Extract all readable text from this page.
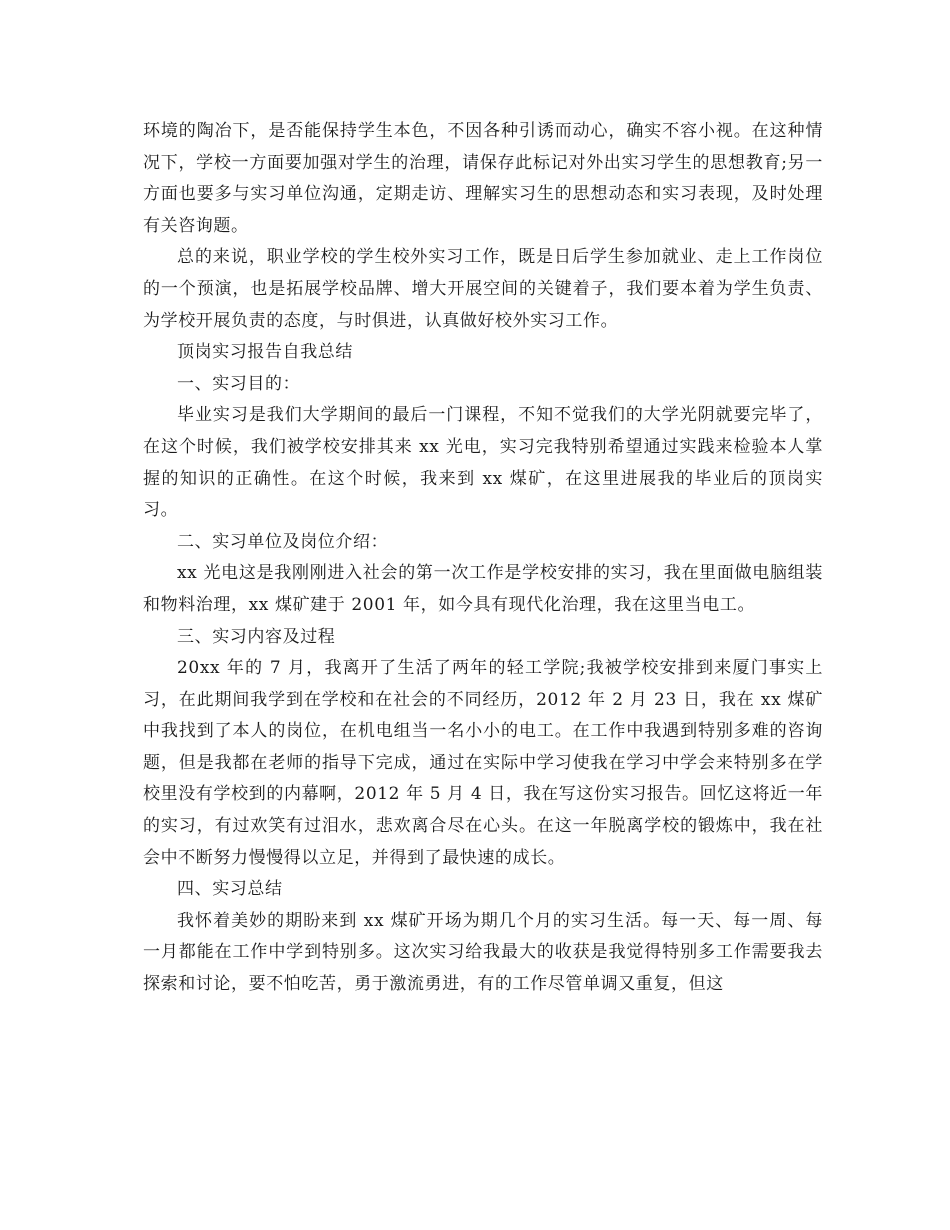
环境的陶冶下，是否能保持学生本色，不因各种引诱而动心，确实不容小视。在这种情况下，学校一方面要加强对学生的治理，请保存此标记对外出实习学生的思想教育;另一方面也要多与实习单位沟通，定期走访、理解实习生的思想动态和实习表现，及时处理有关咨询题。

总的来说，职业学校的学生校外实习工作，既是日后学生参加就业、走上工作岗位的一个预演，也是拓展学校品牌、增大开展空间的关键着子，我们要本着为学生负责、为学校开展负责的态度，与时俱进，认真做好校外实习工作。

顶岗实习报告自我总结

一、实习目的：

毕业实习是我们大学期间的最后一门课程，不知不觉我们的大学光阴就要完毕了，在这个时候，我们被学校安排其来 xx 光电，实习完我特别希望通过实践来检验本人掌握的知识的正确性。在这个时候，我来到 xx 煤矿，在这里进展我的毕业后的顶岗实习。

二、实习单位及岗位介绍：

xx 光电这是我刚刚进入社会的第一次工作是学校安排的实习，我在里面做电脑组装和物料治理，xx 煤矿建于 2001 年，如今具有现代化治理，我在这里当电工。

三、实习内容及过程

20xx 年的 7 月，我离开了生活了两年的轻工学院;我被学校安排到来厦门事实上习，在此期间我学到在学校和在社会的不同经历，2012 年 2 月 23 日，我在 xx 煤矿中我找到了本人的岗位，在机电组当一名小小的电工。在工作中我遇到特别多难的咨询题，但是我都在老师的指导下完成，通过在实际中学习使我在学习中学会来特别多在学校里没有学校到的内幕啊，2012 年 5 月 4 日，我在写这份实习报告。回忆这将近一年的实习，有过欢笑有过泪水，悲欢离合尽在心头。在这一年脱离学校的锻炼中，我在社会中不断努力慢慢得以立足，并得到了最快速的成长。

四、实习总结

我怀着美妙的期盼来到 xx 煤矿开场为期几个月的实习生活。每一天、每一周、每一月都能在工作中学到特别多。这次实习给我最大的收获是我觉得特别多工作需要我去探索和讨论，要不怕吃苦，勇于激流勇进，有的工作尽管单调又重复，但这
